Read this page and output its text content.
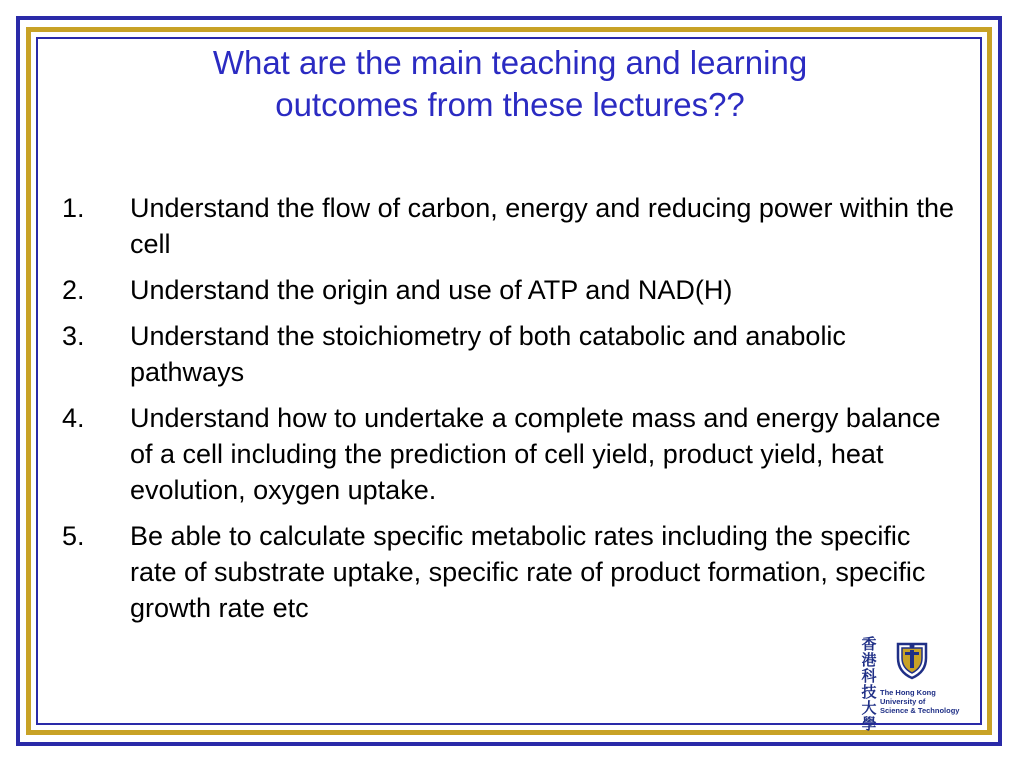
What are the main teaching and learning
outcomes from these lectures??
1.	Understand the flow of carbon, energy and reducing power within the cell
2.	Understand the origin and use of ATP and NAD(H)
3.	Understand the stoichiometry of both catabolic and anabolic pathways
4.	Understand how to undertake a complete mass and energy balance of a cell including the prediction of cell yield, product yield, heat evolution, oxygen uptake.
5.	Be able to calculate specific metabolic rates including the specific rate of substrate uptake, specific rate of product formation, specific growth rate etc
香港科技大學
The Hong Kong
University of
Science & Technology
